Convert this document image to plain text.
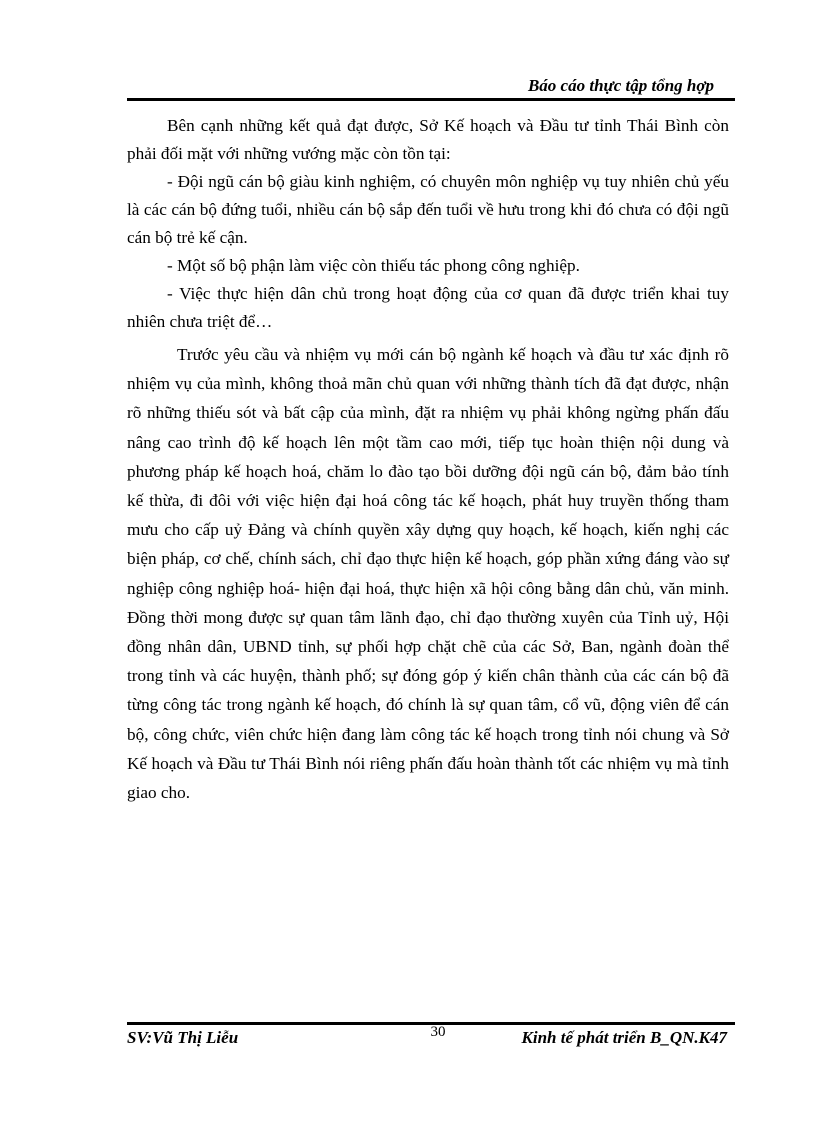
Báo cáo thực tập tổng hợp

Bên cạnh những kết quả đạt được, Sở Kế hoạch và Đầu tư tỉnh Thái Bình còn phải đối mặt với những vướng mặc còn tồn tại:

- Đội ngũ cán bộ giàu kinh nghiệm, có chuyên môn nghiệp vụ tuy nhiên chủ yếu là các cán bộ đứng tuổi, nhiều cán bộ sắp đến tuổi về hưu trong khi đó chưa có đội ngũ cán bộ trẻ kế cận.

- Một số bộ phận làm việc còn thiếu tác phong công nghiệp.

- Việc thực hiện dân chủ trong hoạt động của cơ quan đã được triển khai tuy nhiên chưa triệt để…

Trước yêu cầu và nhiệm vụ mới cán bộ ngành kế hoạch và đầu tư xác định rõ nhiệm vụ của mình, không thoả mãn chủ quan với những thành tích đã đạt được, nhận rõ những thiếu sót và bất cập của mình, đặt ra nhiệm vụ phải không ngừng phấn đấu nâng cao trình độ kế hoạch lên một tầm cao mới, tiếp tục hoàn thiện nội dung và phương pháp kế hoạch hoá, chăm lo đào tạo bồi dưỡng đội ngũ cán bộ, đảm bảo tính kế thừa, đi đôi với việc hiện đại hoá công tác kế hoạch, phát huy truyền thống tham mưu cho cấp uỷ Đảng và chính quyền xây dựng quy hoạch, kế hoạch, kiến nghị các biện pháp, cơ chế, chính sách, chỉ đạo thực hiện kế hoạch, góp phần xứng đáng vào sự nghiệp công nghiệp hoá- hiện đại hoá, thực hiện xã hội công bằng dân chủ, văn minh. Đồng thời mong được sự quan tâm lãnh đạo, chỉ đạo thường xuyên của Tỉnh uỷ, Hội đồng nhân dân, UBND tỉnh, sự phối hợp chặt chẽ của các Sở, Ban, ngành đoàn thể trong tỉnh và các huyện, thành phố; sự đóng góp ý kiến chân thành của các cán bộ đã từng công tác trong ngành kế hoạch, đó chính là sự quan tâm, cổ vũ, động viên để cán bộ, công chức, viên chức hiện đang làm công tác kế hoạch trong tỉnh nói chung và Sở Kế hoạch và Đầu tư Thái Bình nói riêng phấn đấu hoàn thành tốt các nhiệm vụ mà tỉnh giao cho.

SV:Vũ Thị Liễu	30	Kinh tế phát triển B_QN.K47
